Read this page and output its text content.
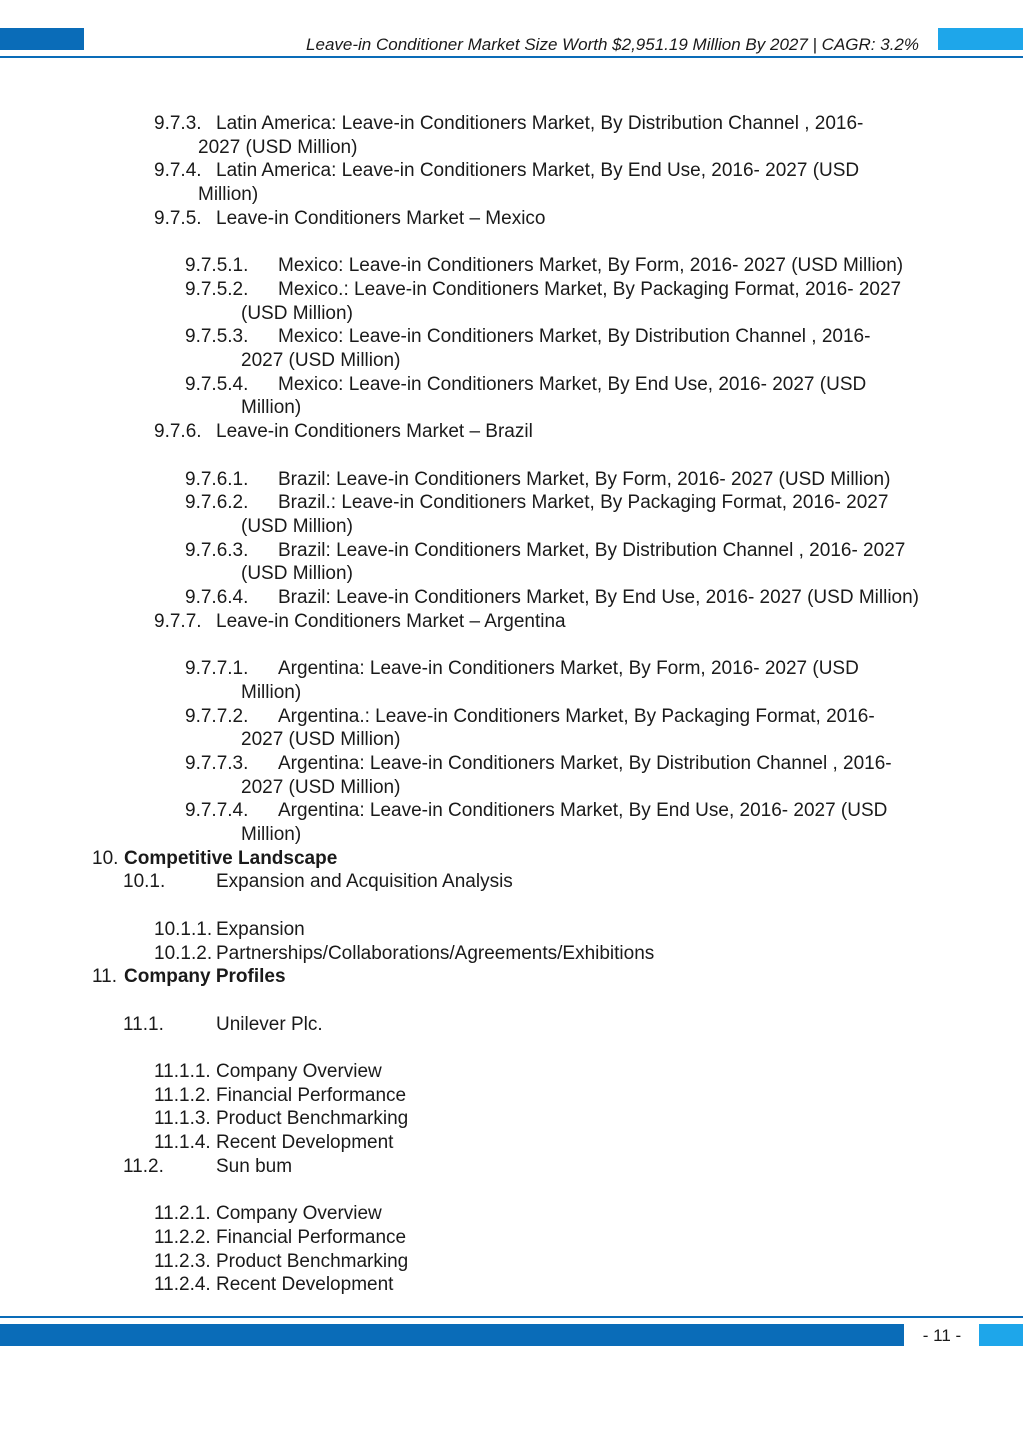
Leave-in Conditioner Market Size Worth $2,951.19 Million By 2027 | CAGR: 3.2%
9.7.3. Latin America: Leave-in Conditioners Market, By Distribution Channel , 2016-
2027 (USD Million)
9.7.4. Latin America: Leave-in Conditioners Market, By End Use, 2016- 2027 (USD
Million)
9.7.5. Leave-in Conditioners Market – Mexico
9.7.5.1. Mexico: Leave-in Conditioners Market, By Form, 2016- 2027 (USD Million)
9.7.5.2. Mexico.: Leave-in Conditioners Market, By Packaging Format, 2016- 2027
(USD Million)
9.7.5.3. Mexico: Leave-in Conditioners Market, By Distribution Channel , 2016-
2027 (USD Million)
9.7.5.4. Mexico: Leave-in Conditioners Market, By End Use, 2016- 2027 (USD
Million)
9.7.6. Leave-in Conditioners Market – Brazil
9.7.6.1. Brazil: Leave-in Conditioners Market, By Form, 2016- 2027 (USD Million)
9.7.6.2. Brazil.: Leave-in Conditioners Market, By Packaging Format, 2016- 2027
(USD Million)
9.7.6.3. Brazil: Leave-in Conditioners Market, By Distribution Channel , 2016- 2027
(USD Million)
9.7.6.4. Brazil: Leave-in Conditioners Market, By End Use, 2016- 2027 (USD Million)
9.7.7. Leave-in Conditioners Market – Argentina
9.7.7.1. Argentina: Leave-in Conditioners Market, By Form, 2016- 2027 (USD
Million)
9.7.7.2. Argentina.: Leave-in Conditioners Market, By Packaging Format, 2016-
2027 (USD Million)
9.7.7.3. Argentina: Leave-in Conditioners Market, By Distribution Channel , 2016-
2027 (USD Million)
9.7.7.4. Argentina: Leave-in Conditioners Market, By End Use, 2016- 2027 (USD
Million)
10. Competitive Landscape
10.1.	Expansion and Acquisition Analysis
10.1.1. Expansion
10.1.2. Partnerships/Collaborations/Agreements/Exhibitions
11. Company Profiles
11.1.	Unilever Plc.
11.1.1. Company Overview
11.1.2. Financial Performance
11.1.3. Product Benchmarking
11.1.4. Recent Development
11.2.	Sun bum
11.2.1. Company Overview
11.2.2. Financial Performance
11.2.3. Product Benchmarking
11.2.4. Recent Development
- 11 -
